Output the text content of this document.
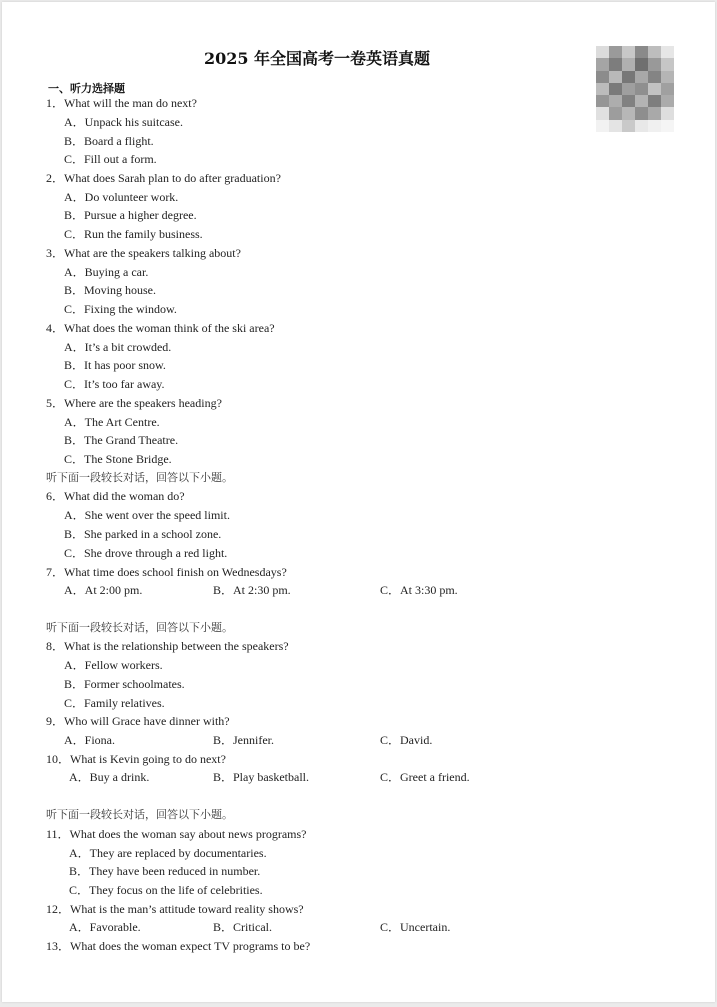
2025 年全国高考一卷英语真题
一、听力选择题
1．What will the man do next?
A．Unpack his suitcase.
B．Board a flight.
C．Fill out a form.
2．What does Sarah plan to do after graduation?
A．Do volunteer work.
B．Pursue a higher degree.
C．Run the family business.
3．What are the speakers talking about?
A．Buying a car.
B．Moving house.
C．Fixing the window.
4．What does the woman think of the ski area?
A．It’s a bit crowded.
B．It has poor snow.
C．It’s too far away.
5．Where are the speakers heading?
A．The Art Centre.
B．The Grand Theatre.
C．The Stone Bridge.
听下面一段较长对话，回答以下小题。
6．What did the woman do?
A．She went over the speed limit.
B．She parked in a school zone.
C．She drove through a red light.
7．What time does school finish on Wednesdays?
A．At 2:00 pm.	B．At 2:30 pm.	C．At 3:30 pm.
听下面一段较长对话，回答以下小题。
8．What is the relationship between the speakers?
A．Fellow workers.
B．Former schoolmates.
C．Family relatives.
9．Who will Grace have dinner with?
A．Fiona.	B．Jennifer.	C．David.
10．What is Kevin going to do next?
A．Buy a drink.	B．Play basketball.	C．Greet a friend.
听下面一段较长对话，回答以下小题。
11．What does the woman say about news programs?
A．They are replaced by documentaries.
B．They have been reduced in number.
C．They focus on the life of celebrities.
12．What is the man’s attitude toward reality shows?
A．Favorable.	B．Critical.	C．Uncertain.
13．What does the woman expect TV programs to be?
